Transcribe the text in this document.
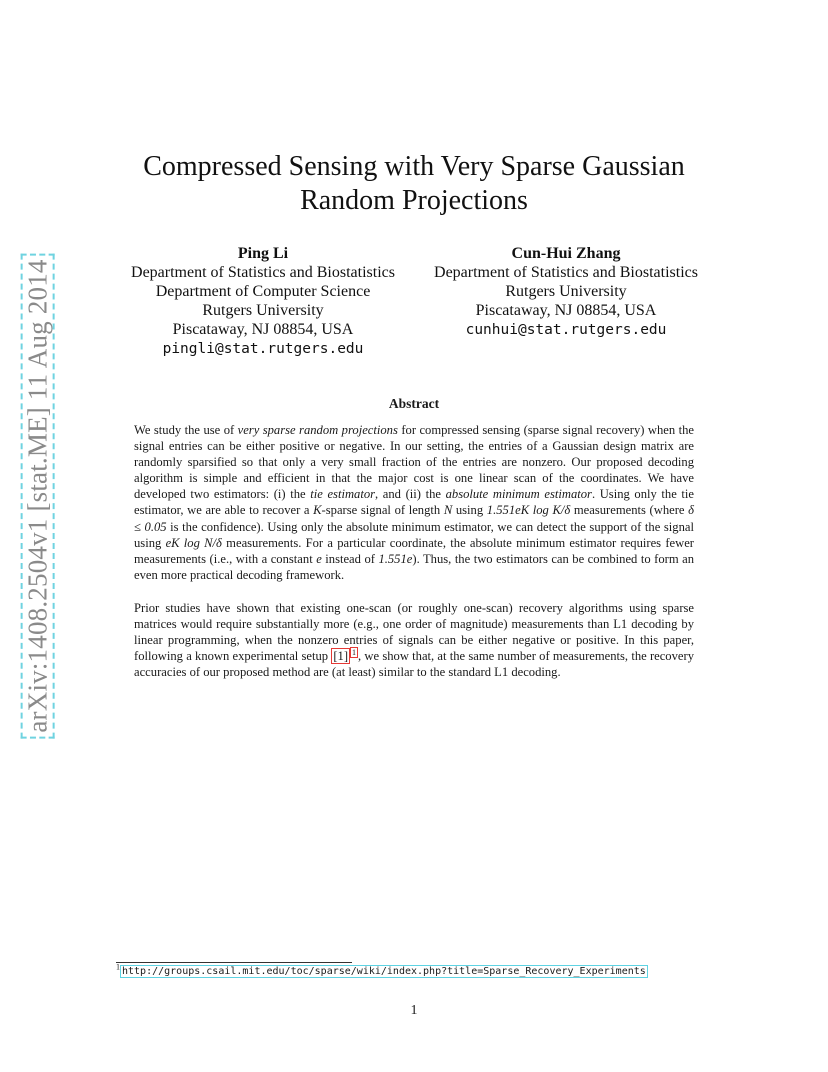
arXiv:1408.2504v1 [stat.ME] 11 Aug 2014
Compressed Sensing with Very Sparse Gaussian
Random Projections
Ping Li
Department of Statistics and Biostatistics
Department of Computer Science
Rutgers University
Piscataway, NJ 08854, USA
pingli@stat.rutgers.edu
Cun-Hui Zhang
Department of Statistics and Biostatistics
Rutgers University
Piscataway, NJ 08854, USA
cunhui@stat.rutgers.edu
Abstract

We study the use of very sparse random projections for compressed sensing (sparse signal recovery) when the signal entries can be either positive or negative. In our setting, the entries of a Gaussian design matrix are randomly sparsified so that only a very small fraction of the entries are nonzero. Our proposed decoding algorithm is simple and efficient in that the major cost is one linear scan of the coordinates. We have developed two estimators: (i) the tie estimator, and (ii) the absolute minimum estimator. Using only the tie estimator, we are able to recover a K-sparse signal of length N using 1.551eK log K/δ measurements (where δ ≤ 0.05 is the confidence). Using only the absolute minimum estimator, we can detect the support of the signal using eK log N/δ measurements. For a particular coordinate, the absolute minimum estimator requires fewer measurements (i.e., with a constant e instead of 1.551e). Thus, the two estimators can be combined to form an even more practical decoding framework.

Prior studies have shown that existing one-scan (or roughly one-scan) recovery algorithms using sparse matrices would require substantially more (e.g., one order of magnitude) measurements than L1 decoding by linear programming, when the nonzero entries of signals can be either negative or positive. In this paper, following a known experimental setup [1] $^1$ , we show that, at the same number of measurements, the recovery accuracies of our proposed method are (at least) similar to the standard L1 decoding.

$^1$ http://groups.csail.mit.edu/toc/sparse/wiki/index.php?title=Sparse_Recovery_Experiments
1
